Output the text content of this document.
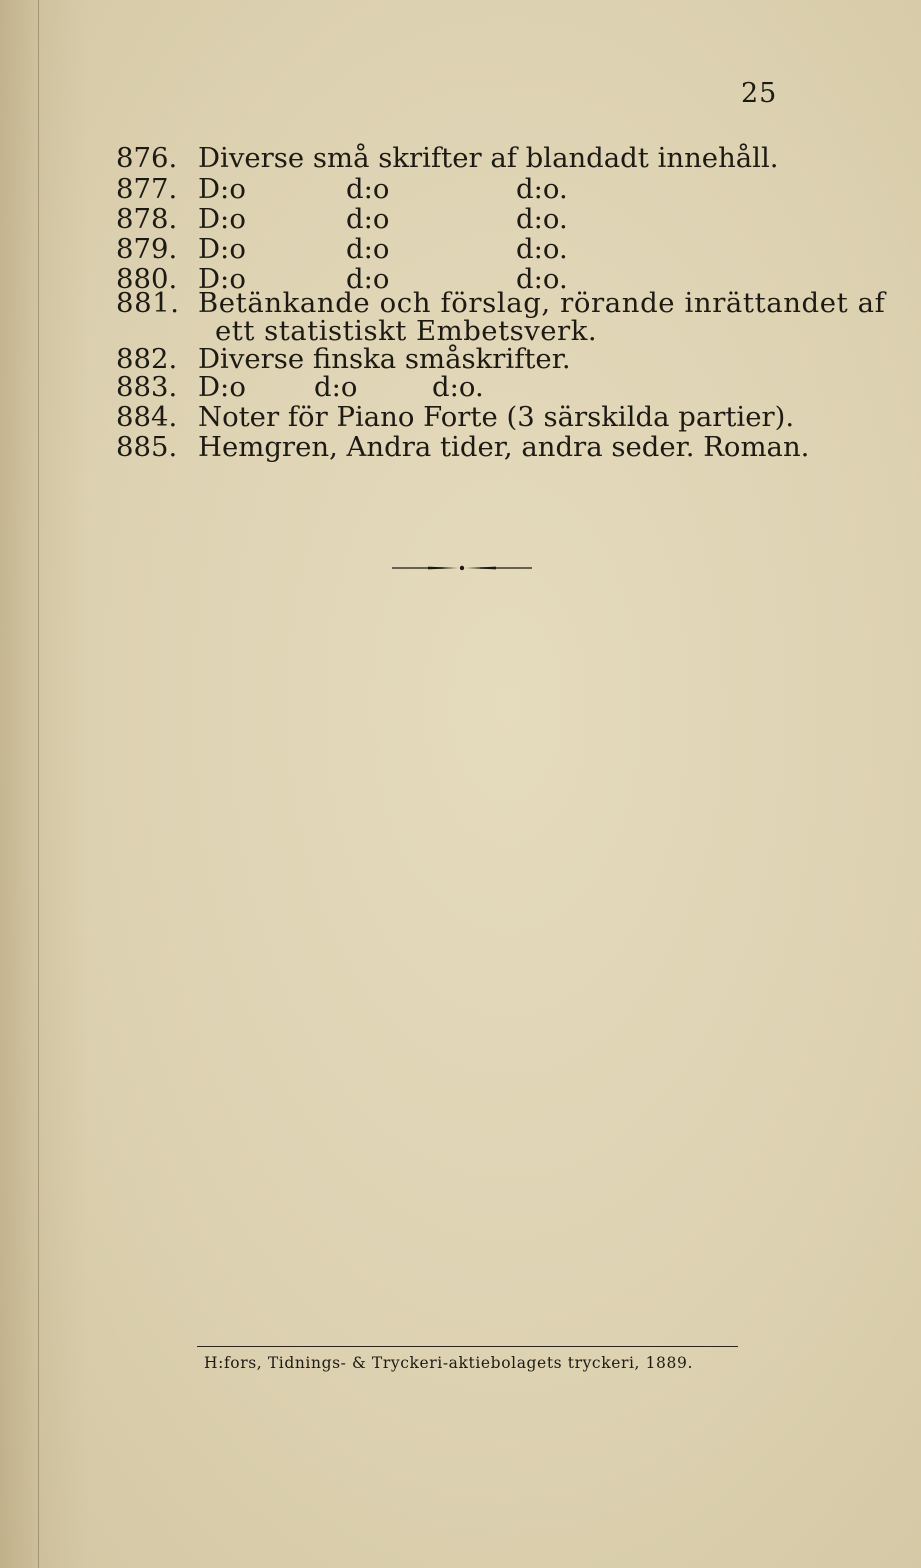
25
876. Diverse små skrifter af blandadt innehåll.
877. D:o	d:o	d:o.
878. D:o	d:o	d:o.
879. D:o	d:o	d:o.
880. D:o	d:o	d:o.
881. Betänkande och förslag, rörande inrättandet af
ett statistiskt Embetsverk.
882. Diverse finska småskrifter.
883. D:o d:o	d:o.
884. Noter för Piano Forte (3 särskilda partier).
885. Hemgren, Andra tider, andra seder. Roman.
H:fors, Tidnings- & Tryckeri-aktiebolagets tryckeri, 1889.
